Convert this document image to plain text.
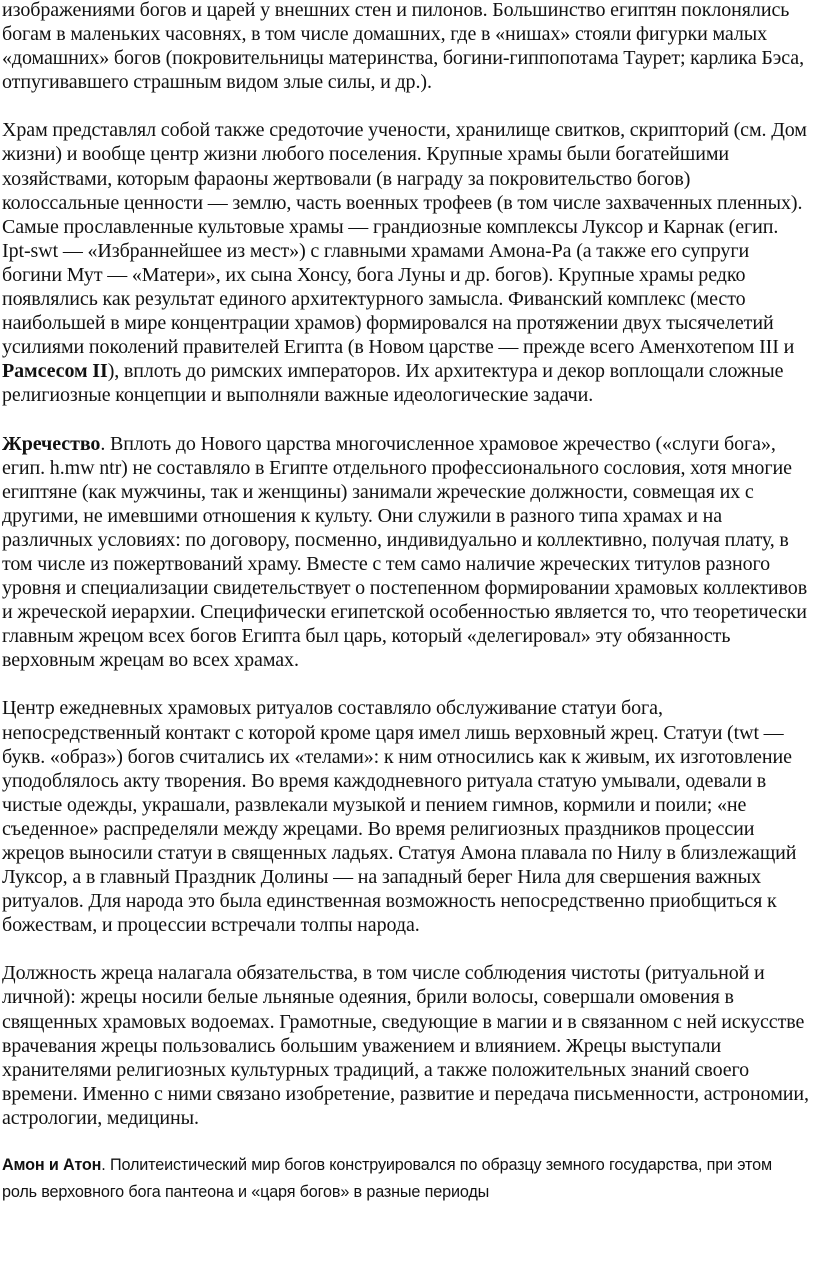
изображениями богов и царей у внешних стен и пилонов. Большинство египтян поклонялись богам в маленьких часовнях, в том числе домашних, где в «нишах» стояли фигурки малых «домашних» богов (покровительницы материнства, богини-гиппопотама Таурет; карлика Бэса, отпугивавшего страшным видом злые силы, и др.).

Храм представлял собой также средоточие учености, хранилище свитков, скрипторий (см. Дом жизни) и вообще центр жизни любого поселения. Крупные храмы были богатейшими хозяйствами, которым фараоны жертвовали (в награду за покровительство богов) колоссальные ценности — землю, часть военных трофеев (в том числе захваченных пленных). Самые прославленные культовые храмы — грандиозные комплексы Луксор и Карнак (егип. Ipt-swt — «Избраннейшее из мест») с главными храмами Амона-Ра (а также его супруги богини Мут — «Матери», их сына Хонсу, бога Луны и др. богов). Крупные храмы редко появлялись как результат единого архитектурного замысла. Фиванский комплекс (место наибольшей в мире концентрации храмов) формировался на протяжении двух тысячелетий усилиями поколений правителей Египта (в Новом царстве — прежде всего Аменхотепом III и Рамсесом II), вплоть до римских императоров. Их архитектура и декор воплощали сложные религиозные концепции и выполняли важные идеологические задачи.

Жречество. Вплоть до Нового царства многочисленное храмовое жречество («слуги бога», егип. h.mw ntr) не составляло в Египте отдельного профессионального сословия, хотя многие египтяне (как мужчины, так и женщины) занимали жреческие должности, совмещая их с другими, не имевшими отношения к культу. Они служили в разного типа храмах и на различных условиях: по договору, посменно, индивидуально и коллективно, получая плату, в том числе из пожертвований храму. Вместе с тем само наличие жреческих титулов разного уровня и специализации свидетельствует о постепенном формировании храмовых коллективов и жреческой иерархии. Специфически египетской особенностью является то, что теоретически главным жрецом всех богов Египта был царь, который «делегировал» эту обязанность верховным жрецам во всех храмах.

Центр ежедневных храмовых ритуалов составляло обслуживание статуи бога, непосредственный контакт с которой кроме царя имел лишь верховный жрец. Статуи (twt — букв. «образ») богов считались их «телами»: к ним относились как к живым, их изготовление уподоблялось акту творения. Во время каждодневного ритуала статую умывали, одевали в чистые одежды, украшали, развлекали музыкой и пением гимнов, кормили и поили; «не съеденное» распределяли между жрецами. Во время религиозных праздников процессии жрецов выносили статуи в священных ладьях. Статуя Амона плавала по Нилу в близлежащий Луксор, а в главный Праздник Долины — на западный берег Нила для свершения важных ритуалов. Для народа это была единственная возможность непосредственно приобщиться к божествам, и процессии встречали толпы народа.

Должность жреца налагала обязательства, в том числе соблюдения чистоты (ритуальной и личной): жрецы носили белые льняные одеяния, брили волосы, совершали омовения в священных храмовых водоемах. Грамотные, сведующие в магии и в связанном с ней искусстве врачевания жрецы пользовались большим уважением и влиянием. Жрецы выступали хранителями религиозных культурных традиций, а также положительных знаний своего времени. Именно с ними связано изобретение, развитие и передача письменности, астрономии, астрологии, медицины.

Амон и Атон. Политеистический мир богов конструировался по образцу земного государства, при этом роль верховного бога пантеона и «царя богов» в разные периоды
